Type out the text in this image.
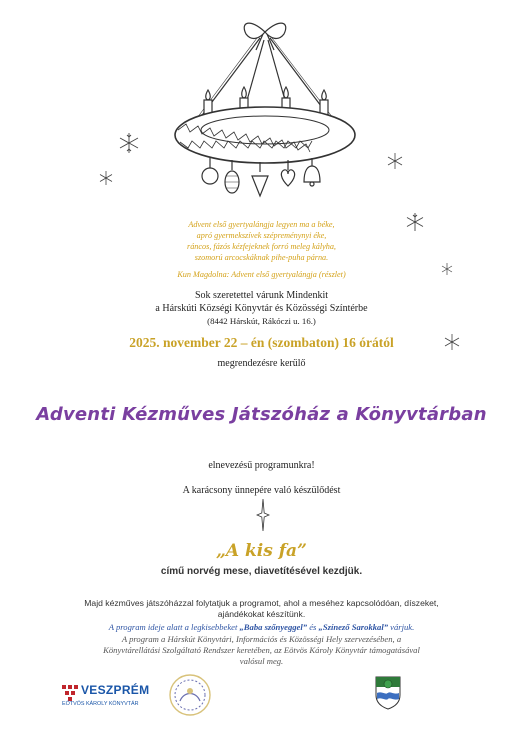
Advent első gyertyalángja legyen ma a béke,
apró gyermekszívek szépreménynyi éke,
ráncos, fázós kézfejeknek forró meleg kályha,
szomorú arcocskáknak pihe-puha párna.
Kun Magdolna: Advent első gyertyalángja (részlet)
Sok szeretettel várunk Mindenkit
a Hárskúti Községi Könyvtár és Közösségi Színtérbe
(8442 Hárskút, Rákóczi u. 16.)
2025. november 22 – én (szombaton) 16 órától
megrendezésre kerülő
Adventi Kézműves Játszóház a Könyvtárban
elnevezésű programunkra!
A karácsony ünnepére való készülődést
„A kis fa”
című norvég mese, diavetítésével kezdjük.
Majd kézműves játszóházzal folytatjuk a programot, ahol a meséhez kapcsolódóan, díszeket,
ajándékokat készítünk.
A program ideje alatt a legkisebbeket „Baba szőnyeggel” és „Színező Sarokkal” várjuk.
A program a Hárskút Könyvtári, Információs és Közösségi Hely szervezésében, a
Könyvtárellátási Szolgáltató Rendszer keretében, az Eötvös Károly Könyvtár támogatásával
valósul meg.
VESZPRÉM
EÖTVÖS KÁROLY KÖNYVTÁR
